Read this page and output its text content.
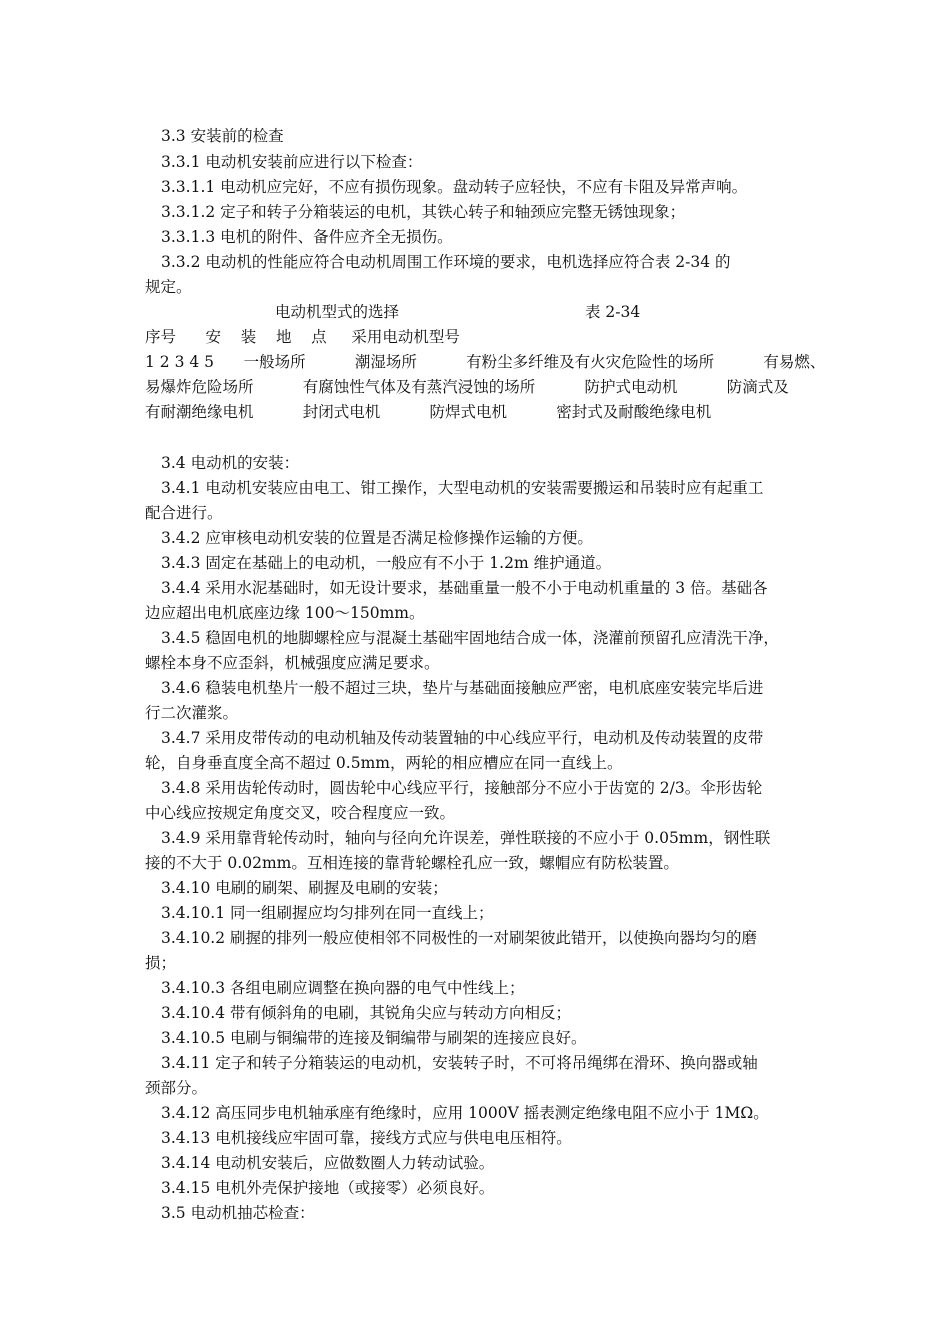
3.3 安装前的检查
3.3.1 电动机安装前应进行以下检查：
3.3.1.1 电动机应完好，不应有损伤现象。盘动转子应轻快，不应有卡阻及异常声响。
3.3.1.2 定子和转子分箱装运的电机，其铁心转子和轴颈应完整无锈蚀现象；
3.3.1.3 电机的附件、备件应齐全无损伤。
3.3.2 电动机的性能应符合电动机周围工作环境的要求，电机选择应符合表 2-34 的
规定。
电动机型式的选择	表 2-34
序号      安    装    地    点     采用电动机型号
1 2 3 4 5      一般场所          潮湿场所          有粉尘多纤维及有火灾危险性的场所          有易燃、
易爆炸危险场所          有腐蚀性气体及有蒸汽浸蚀的场所          防护式电动机          防滴式及
有耐潮绝缘电机          封闭式电机          防焊式电机          密封式及耐酸绝缘电机
3.4 电动机的安装：
3.4.1 电动机安装应由电工、钳工操作，大型电动机的安装需要搬运和吊装时应有起重工
配合进行。
3.4.2 应审核电动机安装的位置是否满足检修操作运输的方便。
3.4.3 固定在基础上的电动机，一般应有不小于 1.2m 维护通道。
3.4.4 采用水泥基础时，如无设计要求，基础重量一般不小于电动机重量的 3 倍。基础各
边应超出电机底座边缘 100～150mm。
3.4.5 稳固电机的地脚螺栓应与混凝土基础牢固地结合成一体，浇灌前预留孔应清洗干净，
螺栓本身不应歪斜，机械强度应满足要求。
3.4.6 稳装电机垫片一般不超过三块，垫片与基础面接触应严密，电机底座安装完毕后进
行二次灌浆。
3.4.7 采用皮带传动的电动机轴及传动装置轴的中心线应平行，电动机及传动装置的皮带
轮，自身垂直度全高不超过 0.5mm，两轮的相应槽应在同一直线上。
3.4.8 采用齿轮传动时，圆齿轮中心线应平行，接触部分不应小于齿宽的 2/3。伞形齿轮
中心线应按规定角度交叉，咬合程度应一致。
3.4.9 采用靠背轮传动时，轴向与径向允许误差，弹性联接的不应小于 0.05mm，钢性联
接的不大于 0.02mm。互相连接的靠背轮螺栓孔应一致，螺帽应有防松装置。
3.4.10 电刷的刷架、刷握及电刷的安装；
3.4.10.1 同一组刷握应均匀排列在同一直线上；
3.4.10.2 刷握的排列一般应使相邻不同极性的一对刷架彼此错开，以使换向器均匀的磨
损；
3.4.10.3 各组电刷应调整在换向器的电气中性线上；
3.4.10.4 带有倾斜角的电刷，其锐角尖应与转动方向相反；
3.4.10.5 电刷与铜编带的连接及铜编带与刷架的连接应良好。
3.4.11 定子和转子分箱装运的电动机，安装转子时，不可将吊绳绑在滑环、换向器或轴
颈部分。
3.4.12 高压同步电机轴承座有绝缘时，应用 1000V 摇表测定绝缘电阻不应小于 1MΩ。
3.4.13 电机接线应牢固可靠，接线方式应与供电电压相符。
3.4.14 电动机安装后，应做数圈人力转动试验。
3.4.15 电机外壳保护接地（或接零）必须良好。
3.5 电动机抽芯检查：
